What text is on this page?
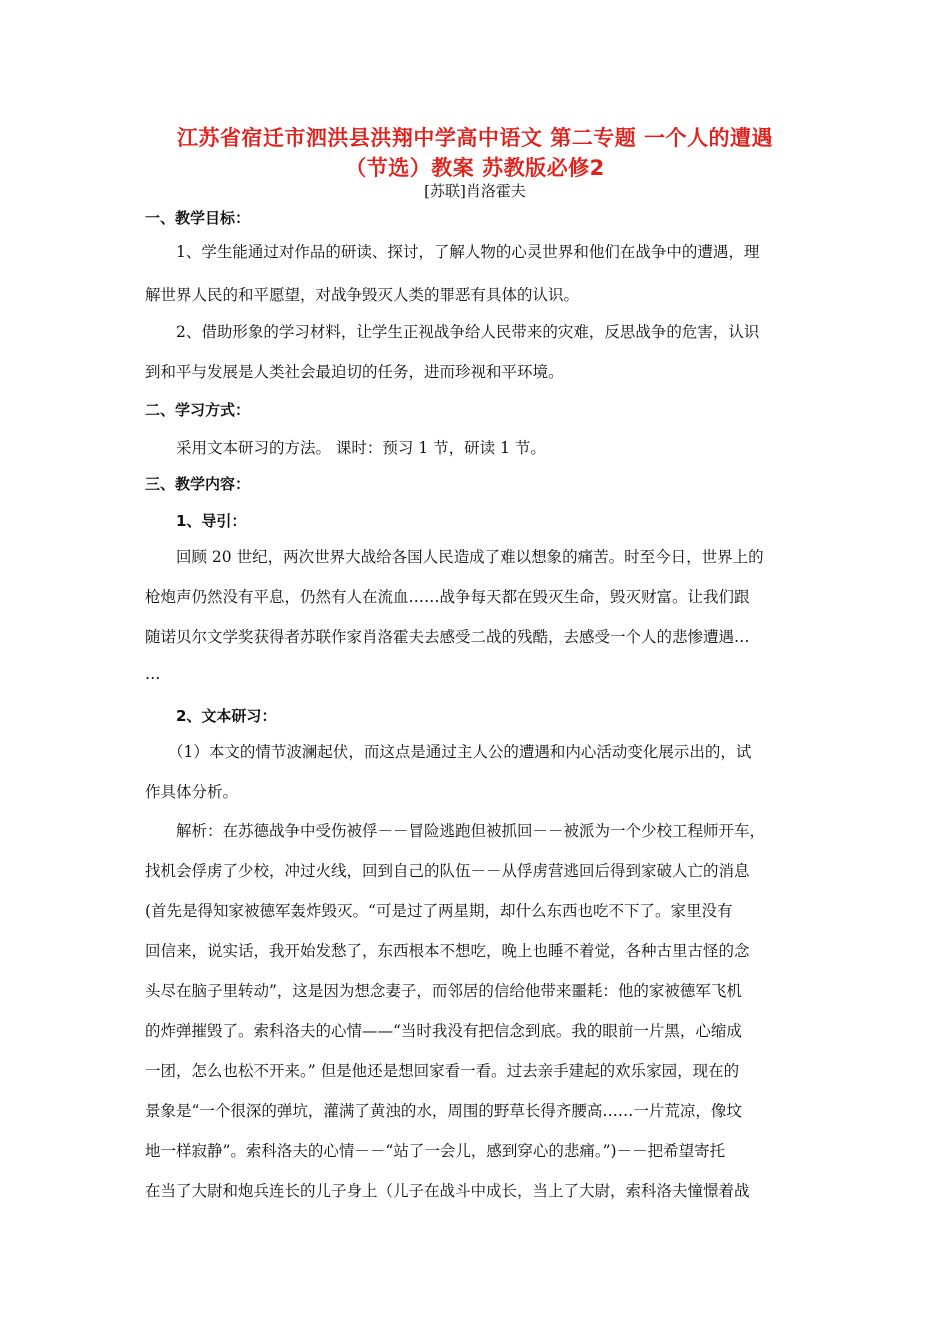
江苏省宿迁市泗洪县洪翔中学高中语文 第二专题 一个人的遭遇
（节选）教案 苏教版必修2
[苏联]肖洛霍夫
一、教学目标：
1、学生能通过对作品的研读、探讨，了解人物的心灵世界和他们在战争中的遭遇，理
解世界人民的和平愿望，对战争毁灭人类的罪恶有具体的认识。
2、借助形象的学习材料，让学生正视战争给人民带来的灾难，反思战争的危害，认识
到和平与发展是人类社会最迫切的任务，进而珍视和平环境。
二、学习方式：
采用文本研习的方法。 课时：预习 1 节，研读 1 节。
三、教学内容：
1、导引：
回顾 20 世纪，两次世界大战给各国人民造成了难以想象的痛苦。时至今日，世界上的
枪炮声仍然没有平息，仍然有人在流血……战争每天都在毁灭生命，毁灭财富。让我们跟
随诺贝尔文学奖获得者苏联作家肖洛霍夫去感受二战的残酷，去感受一个人的悲惨遭遇…
…
2、文本研习：
（1）本文的情节波澜起伏，而这点是通过主人公的遭遇和内心活动变化展示出的，试
作具体分析。
解析：在苏德战争中受伤被俘－－冒险逃跑但被抓回－－被派为一个少校工程师开车，
找机会俘虏了少校，冲过火线，回到自己的队伍－－从俘虏营逃回后得到家破人亡的消息
(首先是得知家被德军轰炸毁灭。“可是过了两星期，却什么东西也吃不下了。家里没有
回信来，说实话，我开始发愁了，东西根本不想吃，晚上也睡不着觉，各种古里古怪的念
头尽在脑子里转动”，这是因为想念妻子，而邻居的信给他带来噩耗：他的家被德军飞机
的炸弹摧毁了。索科洛夫的心情——“当时我没有把信念到底。我的眼前一片黑，心缩成
一团，怎么也松不开来。” 但是他还是想回家看一看。过去亲手建起的欢乐家园，现在的
景象是“一个很深的弹坑，灌满了黄浊的水，周围的野草长得齐腰高……一片荒凉，像坟
地一样寂静”。索科洛夫的心情－－“站了一会儿，感到穿心的悲痛。”)－－把希望寄托
在当了大尉和炮兵连长的儿子身上（儿子在战斗中成长，当上了大尉，索科洛夫憧憬着战
